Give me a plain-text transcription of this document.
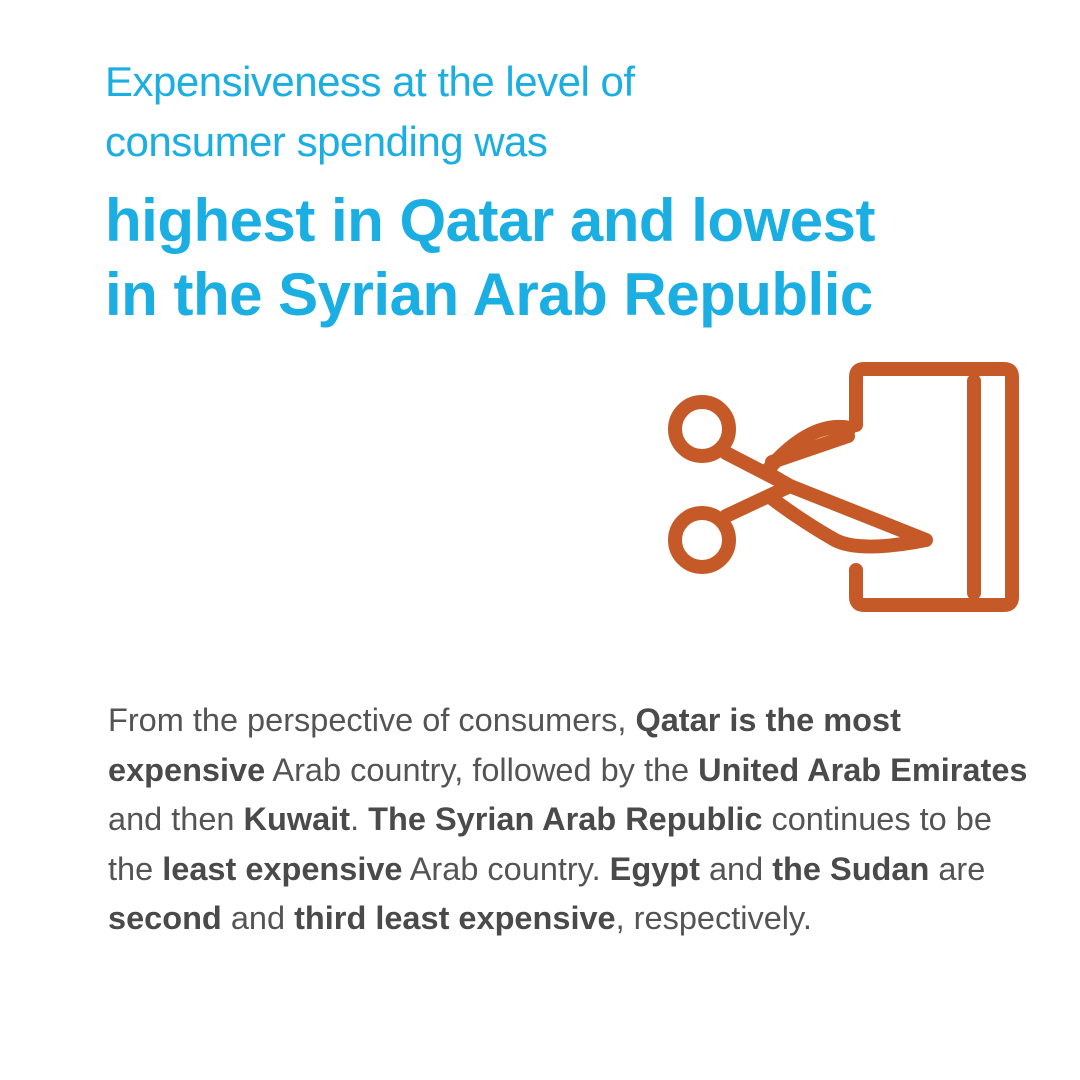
Expensiveness at the level of
consumer spending was

highest in Qatar and lowest
in the Syrian Arab Republic

From the perspective of consumers, Qatar is the most expensive Arab country, followed by the United Arab Emirates and then Kuwait. The Syrian Arab Republic continues to be the least expensive Arab country. Egypt and the Sudan are second and third least expensive, respectively.
